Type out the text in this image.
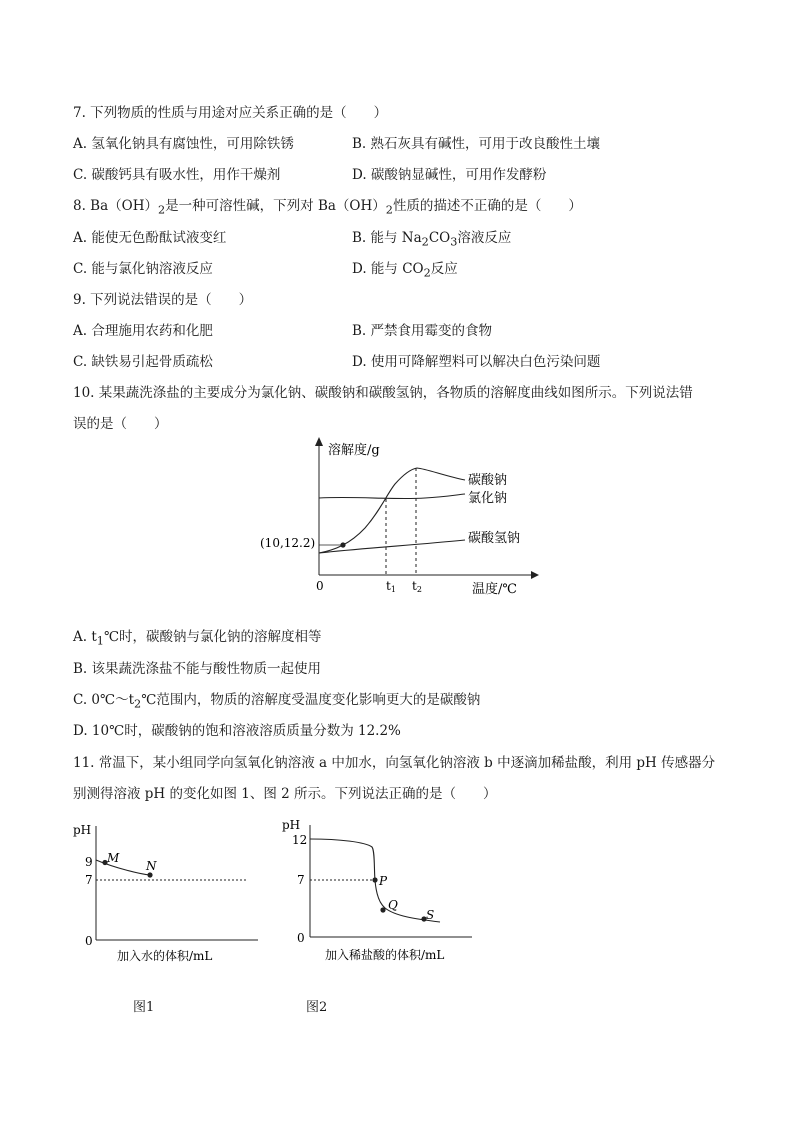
7. 下列物质的性质与用途对应关系正确的是（　　）
A. 氢氧化钠具有腐蚀性，可用除铁锈	B. 熟石灰具有碱性，可用于改良酸性土壤
C. 碳酸钙具有吸水性，用作干燥剂	D. 碳酸钠显碱性，可用作发酵粉
8. $Ba(OH)_2$是一种可溶性碱，下列对 $Ba(OH)_2$性质的描述不正确的是（　　）
A. 能使无色酚酞试液变红	B. 能与 $Na_2CO_3$溶液反应
C. 能与氯化钠溶液反应	D. 能与 $CO_2$反应
9. 下列说法错误的是（　　）
A. 合理施用农药和化肥	B. 严禁食用霉变的食物
C. 缺铁易引起骨质疏松	D. 使用可降解塑料可以解决白色污染问题
10. 某果蔬洗涤盐的主要成分为氯化钠、碳酸钠和碳酸氢钠，各物质的溶解度曲线如图所示。下列说法错
误的是（　　）
溶解度/g
温度/℃
0	t1 t2
(10,12.2)
碳酸钠
氯化钠
碳酸氢钠
A. $t_1℃$时，碳酸钠与氯化钠的溶解度相等
B. 该果蔬洗涤盐不能与酸性物质一起使用
C. $0℃\sim t_2℃$范围内，物质的溶解度受温度变化影响更大的是碳酸钠
D. 10℃时，碳酸钠的饱和溶液溶质质量分数为 12.2%
11. 常温下，某小组同学向氢氧化钠溶液 a 中加水，向氢氧化钠溶液 b 中逐滴加稀盐酸，利用 pH 传感器分
别测得溶液 pH 的变化如图 1、图 2 所示。下列说法正确的是（　　）
pH
9
7
0
M
N
加入水的体积/mL
图1
pH
12
7
0
P
Q
S
加入稀盐酸的体积/mL
图2
